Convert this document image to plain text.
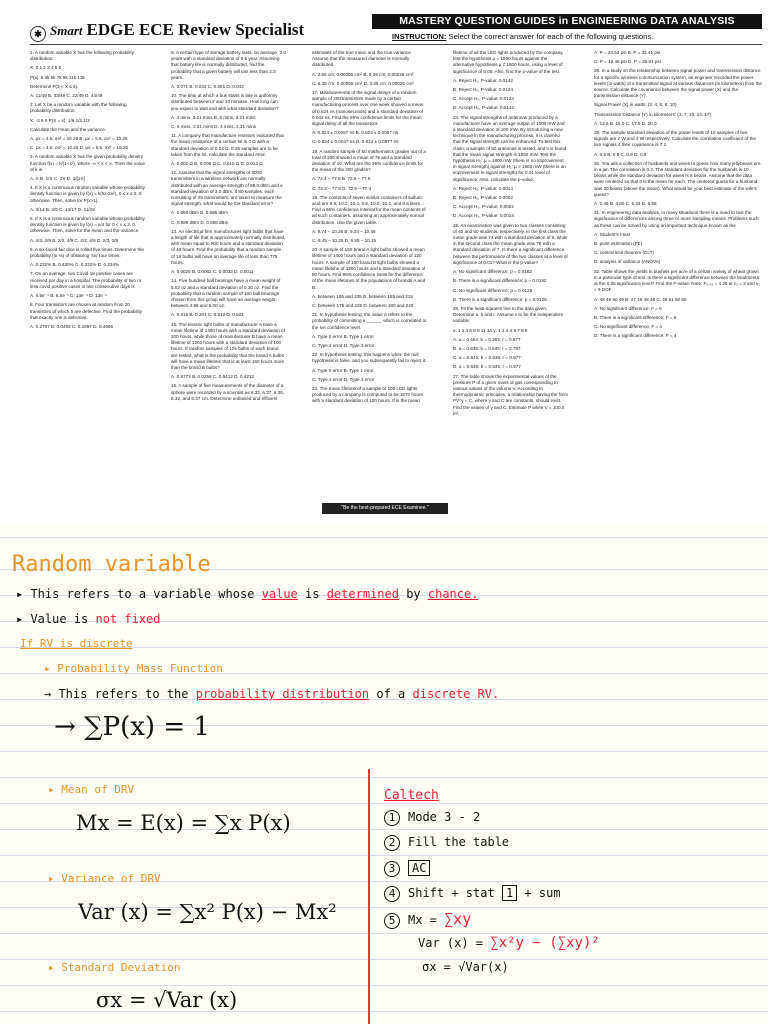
✱ Smart EDGE ECE Review Specialist	MASTERY QUESTION GUIDES in ENGINEERING DATA ANALYSIS
INSTRUCTION: Select the correct answer for each of the following questions.

1. A random variable X has the following probability distribution:

X: 0 1 2 3 4 5 6

P(x): k 3k 5k 7k 9k 11k 13k

Determine P(3 < X ≤ 6).

A. 11/49 B. 33/49 C. 22/49 D. 44/49

2. Let X be a random variable with the following probability distribution:

X: -3 6 9 P(X = x): 1/6 1/2 1/3

Calculate the mean and the variance.

A. μx = 4.5, σx² = 16.25 B. μx = 5.5, σx² = 10.25

C. μx = 4.5, σx² = 10.25 D. μx = 5.5, σx² = 16.25

3. A random variable X has the given probability density function f(x) = k/(1+x²), where -∞ < x < ∞. Then the value of k is

A. π B. 1/π C. 2π D. 1/(2π)

4. If X is a continuous random variable whose probability density function is given by f(x) = k(5x-2x²), 0 ≤ x ≤ 2, 0 otherwise. Then, solve for P(x>1).

A. 3/14 B. 4/5 C. 14/17 D. 11/28

5. If X is a continuous random variable whose probability density function is given by f(x) = x/4 for 0 < x ≤ 2, 0 otherwise. Then, solve for the mean and the variance.

A. 4/3, 2/9 B. 2/3, 4/9 C. 4/3, 4/9 D. 2/3, 2/9

6. A six-faced fair dice is rolled five times. Determine the probability (in %) of obtaining 'six' four times.

A. 0.232% B. 0.430% C. 0.322% D. 0.234%

7. On an average, two Covid-19 positive cases are received per day in a hospital. The probability of two or less covid positive cases in two consecutive days is

A. 6.5e⁻⁴ B. 6.5e⁻¹ C. 13e⁻⁴ D. 13e⁻¹

8. Four transistors are chosen at random from 20 transistors of which 5 are defective. Find the probability that exactly one is defective.

A. 0.2787 B. 0.0493 C. 0.1897 D. 0.4696

9. A certain type of storage battery lasts, on average, 3.0 years with a standard deviation of 0.5 year. Assuming that battery life is normally distributed, find the probability that a given battery will last less than 2.3 years.

A. 0.071 B. 0.032 C. 0.081 D. 0.042

10. The time at which a bus starts is late is uniformly distributed between 2 and 10 minutes. How long can you expect to wait and with what standard deviation?

A. 4 mins, 3.21 mins B. 6 mins, 3.21 mins

C. 6 mins, 2.31 mins D. 4 mins, 2.31 mins

11. A company that manufacture resistors indicated that the mean resistance of a certain lot is 4 Ω with a standard deviation of 0.03 Ω. If 25 samples are to be taken from the lot, calculate the standard error.

A. 0.002 Ω B. 0.006 Ω C. 0.010 Ω D. 0.012 Ω

12. Assume that the signal strengths of 3000 transmitters in a wireless network are normally distributed with an average strength of 88.0 dBm and a standard deviation of 3.0 dBm. If 80 samples, each consisting of 25 transmitters, are taken to measure the signal strength, what would be the standard error?

A. 0.659 dBm B. 0.685 dBm

C. 0.589 dBm D. 0.598 dBm

13. An electrical firm manufactures light bulbs that have a length of life that is approximately normally distributed, with mean equal to 800 hours and a standard deviation of 40 hours. Find the probability that a random sample of 16 bulbs will have an average life of less than 775 hours.

A. 0.0025 B. 0.0062 C. 0.0032 D. 0.0011

14. Five hundred ball bearings have a mean weight of 5.02 oz and a standard deviation of 0.30 oz. Find the probability that a random sample of 100 ball bearings chosen from this group will have an average weight, between 4.96 and 5.00 oz.

A. 0.216 B. 0.281 C. 0.512 D. 0.521

15. The electric light bulbs of manufacturer A have a mean lifetime of 1400 hours with a standard deviation of 200 hours, while those of manufacturer B have a mean lifetime of 1200 hours with a standard deviation of 100 hours. If random samples of 125 bulbs of each brand are tested, what is the probability that the brand A bulbs will have a mean lifetime that is at least 160 hours more than the brand B bulbs?

A. 0.9773 B. 0.0258 C. 0.9412 D. 0.4212

16. A sample of five measurements of the diameter of a sphere were recorded by a scientist as 6.33, 6.37, 6.36, 6.32, and 6.37 cm. Determine unbiased and efficient

estimates of the true mean and the true variance. Assume that the measured diameter is normally distributed.

A. 3.65 cm; 0.00055 cm² B. 6.35 cm; 0.00025 cm²

C. 6.35 cm; 0.00055 cm² D. 3.35 cm; 0.00025 cm²

17. Measurements of the signal delays of a random sample of 200 transistors made by a certain manufacturing process over one week showed a mean of 0.824 ns (nanoseconds) and a standard deviation of 0.042 ns. Find the 95% confidence limits for the mean signal delay of all the transistors.

A. 0.824 ± 0.0057 ns B. 0.824 ± 0.0067 ns

C. 0.824 ± 0.0047 ns D. 0.824 ± 0.0077 ns

18. A random sample of 50 mathematics grades out of a total of 200 showed a mean of 75 and a standard deviation of 10. What are the 95% confidence limits for the mean of the 200 grades?

A. 72.4 – 77.6 B. 72.5 – 77.5

C. 72.2 – 77.8 D. 72.6 – 77.4

19. The contents of seven similar containers of sulfuric acid are 9.8, 10.2, 10.4, 9.8, 10.0, 10.2, and 9.6 liters. Find a 95% confidence interval for the mean contents of all such containers, assuming an approximately normal distribution. Use the given table.

A. 9.74 – 10.26 B. 9.34 – 10.46

C. 9.45 – 10.25 D. 9.85 – 10.15

20. A sample of 150 brand A light bulbs showed a mean lifetime of 1400 hours and a standard deviation of 120 hours. A sample of 100 brand B light bulbs showed a mean lifetime of 1200 hours and a standard deviation of 80 hours. Find 95% confidence limits for the difference of the mean lifetimes of the populations of brands A and B.

A. between 165 and 235 B. between 185 and 215

C. between 175 and 225 D. between 180 and 240

21. In hypothesis testing, the value α refers to the probability of committing a ______ which is correlated to the set confidence level.

A. Type 0 error B. Type 1 error

C. Type 2 error D. Type 3 error

22. In hypothesis testing, this happens when the null hypothesis is false, and you subsequently fail to reject it.

A. Type 0 error B. Type 1 error

C. Type 2 error D. Type 3 error

23. The mean lifetime of a sample of 100 LED lights produced by a company is computed to be 1570 hours with a standard deviation of 120 hours. If is the mean

lifetime of all the LED lights produced by the company, test the hypothesis μ = 1600 hours against the alternative hypothesis μ ≠ 1600 hours, using a level of significance of 0.05. Also, find the p-value of the test.

A. Reject H₀, P-value: 0.0142

B. Reject H₀, P-value: 0.0124

C. Accept H₀, P-value: 0.0124

D. Accept H₀, P-value: 0.0142

24. The signal strengths of antennas produced by a manufacturer have an average output of 1800 mW and a standard deviation of 100 mW. By introducing a new technique in the manufacturing process, it is claimed that the signal strength can be enhanced. To test this claim, a sample of 50 antennas is tested, and it is found that the mean signal strength is 1850 mW. Test the hypothesis H₀: μ = 1800 mW (there is no improvement in signal strength) against H₁: μ > 1800 mW (there is an improvement in signal strength) for 0.01 level of significance. Also, calculate the p-value.

A. Reject H₀, P-value: 0.0014

B. Reject H₀, P-value: 0.0002

C. Accept H₀, P-value: 0.0002

D. Accept H₀, P-value: 0.0014

25. An examination was given to two classes consisting of 40 and 50 students, respectively. In the first class the mean grade was 74 with a standard deviation of 8, while in the second class the mean grade was 78 with a standard deviation of 7. Is there a significant difference between the performance of the two classes at a level of significance of 0.01? What is the p-value?

A. No significant difference; p = 0.0182

B. There is a significant difference; p = 0.0182

C. No significant difference; p = 0.0128

D. There is a significant difference; p = 0.0128

26. Fit the least-squares line to the data given. Determine a, b and r. Assume x to be the independent variable.

x: 1 3 4 6 8 9 11 14 y: 1 2 4 4 5 7 8 9

A. a = 0.454; b = 0.363; r = 0.977

B. a = 0.636; b = 0.545; r = 0.797

C. a = 0.545; b = 0.636; r = 0.977

D. a = 0.636; b = 0.545; r = 0.977

27. The table shows the experimental values of the pressure P of a given mass of gas corresponding to various values of the volume V. According to thermodynamic principles, a relationship having the form PV^γ = C, where γ and C are constants, should exist. Find the values of γ and C. Estimate P when V = 100.0 in³.

A. P = 24.53 psi B. P = 32.41 psi

C. P = 12.45 psi D. P = 25.91 psi

28. In a study on the relationship between signal power and transmission distance for a specific wireless communication system, an engineer recorded the power levels (in watts) of a transmitted signal at various distances (in kilometers) from the source. Calculate the covariance between the signal power (X) and the transmission distance (Y).

Signal Power (X) in watts: (2, 4, 6, 8, 10)

Transmission Distance (Y) in kilometers: (3, 7, 10, 14, 17)

A. 12.5 B. 15.0 C. 17.5 D. 20.0

29. The sample standard deviation of the power levels of 10 samples of two signals are 2 W and 4 W respectively. Calculate the correlation coefficient of the two signals if their covariance is 7.2.

A. 0.6 B. 0.5 C. 0.8 D. 0.9

30. You ask a collection of husbands and wives to guess how many jellybeans are in a jar. The correlation is 0.2. The standard deviation for the husbands is 10 beans while the standard deviation for wives is 8 beans. Assume that the data were centered so that 0 is the mean for each. The centered guess for a husband was 30 beans (above the mean). What would be your best estimate of the wife's guess?

A. 2.48 B. 4.80 C. 5.33 D. 6.58

31. In engineering data analysis, in many situations there is a need to test the significance of differences among three or more sampling means. Problems such as these can be solved by using an important technique known as the

A. Student's t-test

B. point estimation (PE)

C. central limit theorem (CLT)

D. analysis of variance (ANOVA)

32. Table shows the yields in bushels per acre of a certain variety of wheat grown in a particular type of soil. Is there a significant difference between the treatments at the 0.05 significance level? Find the F-value. Note: F₀.₀₅ = 4.26 at n₁ = 2 and v₂ = 9 DOF.

A: 48 49 50 49 B: 47 49 48 48 C: 49 51 50 50

A. No significant difference; F = 6

B. There is a significant difference; F = 6

C. No significant difference; F = 4

D. There is a significant difference; F = 4

"Be the best-prepared ECE Examinee."
Random variable
▸ This refers to a variable whose value is determined by chance.
▸ Value is not fixed
If RV is discrete
▸ Probability Mass Function
→ This refers to the probability distribution of a discrete RV.
→ ∑P(x) = 1
▸ Mean of DRV
Mx = E(x) = ∑x P(x)
▸ Variance of DRV
Var (x) = ∑x² P(x) − Mx²
▸ Standard Deviation
σx = √Var (x)
Caltech
1 Mode 3 - 2
2 Fill the table
3 AC
4 Shift + stat 1 + sum
5 Mx = ∑xy
Var (x) = ∑x²y − (∑xy)²
σx = √Var(x)
